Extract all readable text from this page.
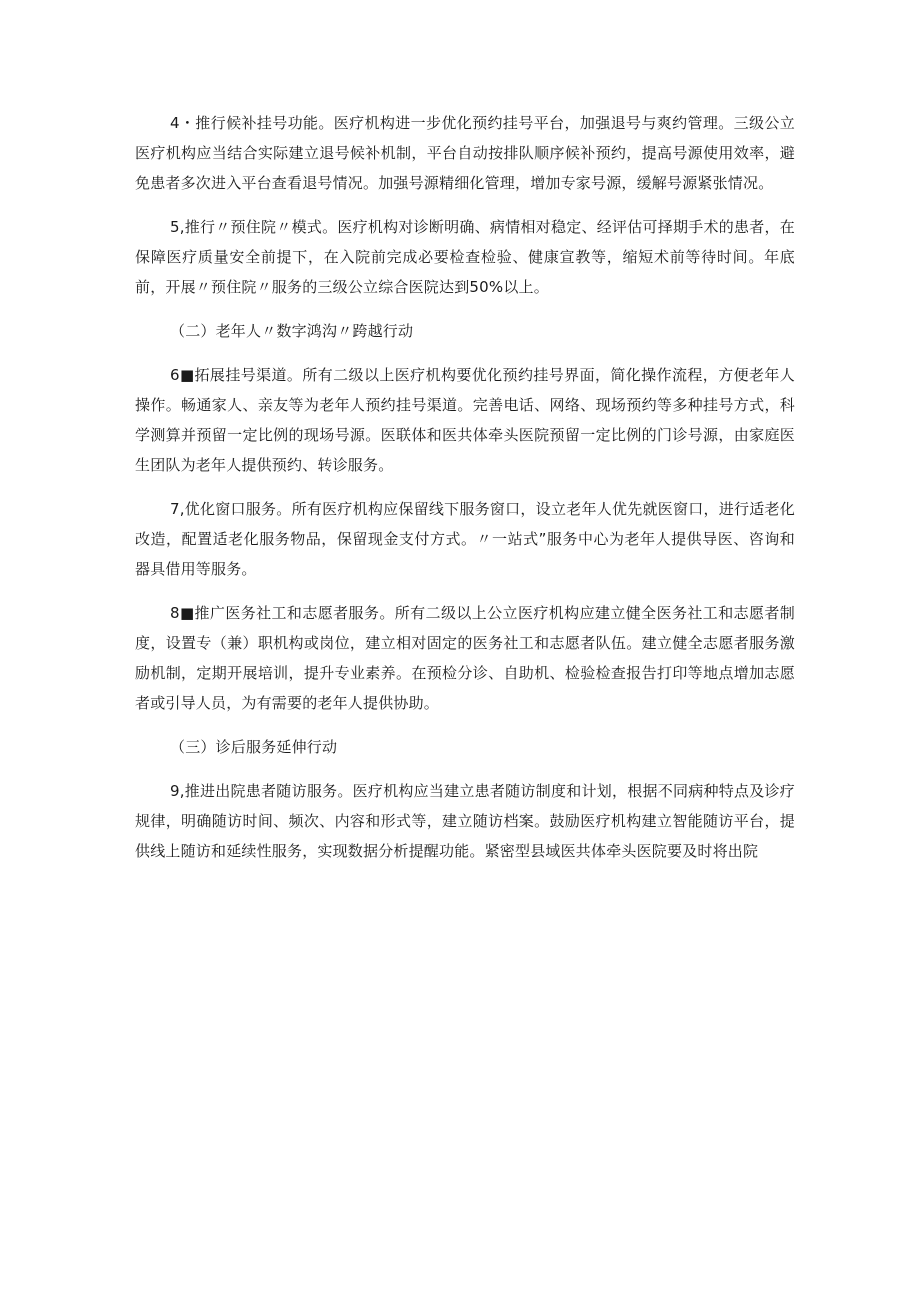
4・推行候补挂号功能。医疗机构进一步优化预约挂号平台，加强退号与爽约管理。三级公立医疗机构应当结合实际建立退号候补机制，平台自动按排队顺序候补预约，提高号源使用效率，避免患者多次进入平台查看退号情况。加强号源精细化管理，增加专家号源，缓解号源紧张情况。

5,推行〃预住院〃模式。医疗机构对诊断明确、病情相对稳定、经评估可择期手术的患者，在保障医疗质量安全前提下，在入院前完成必要检查检验、健康宣教等，缩短术前等待时间。年底前，开展〃预住院〃服务的三级公立综合医院达到50%以上。

（二）老年人〃数字鸿沟〃跨越行动

6■拓展挂号渠道。所有二级以上医疗机构要优化预约挂号界面，简化操作流程，方便老年人操作。畅通家人、亲友等为老年人预约挂号渠道。完善电话、网络、现场预约等多种挂号方式，科学测算并预留一定比例的现场号源。医联体和医共体牵头医院预留一定比例的门诊号源，由家庭医生团队为老年人提供预约、转诊服务。

7,优化窗口服务。所有医疗机构应保留线下服务窗口，设立老年人优先就医窗口，进行适老化改造，配置适老化服务物品，保留现金支付方式。〃一站式”服务中心为老年人提供导医、咨询和器具借用等服务。

8■推广医务社工和志愿者服务。所有二级以上公立医疗机构应建立健全医务社工和志愿者制度，设置专（兼）职机构或岗位，建立相对固定的医务社工和志愿者队伍。建立健全志愿者服务激励机制，定期开展培训，提升专业素养。在预检分诊、自助机、检验检查报告打印等地点增加志愿者或引导人员，为有需要的老年人提供协助。

（三）诊后服务延伸行动

9,推进出院患者随访服务。医疗机构应当建立患者随访制度和计划，根据不同病种特点及诊疗规律，明确随访时间、频次、内容和形式等，建立随访档案。鼓励医疗机构建立智能随访平台，提供线上随访和延续性服务，实现数据分析提醒功能。紧密型县域医共体牵头医院要及时将出院
